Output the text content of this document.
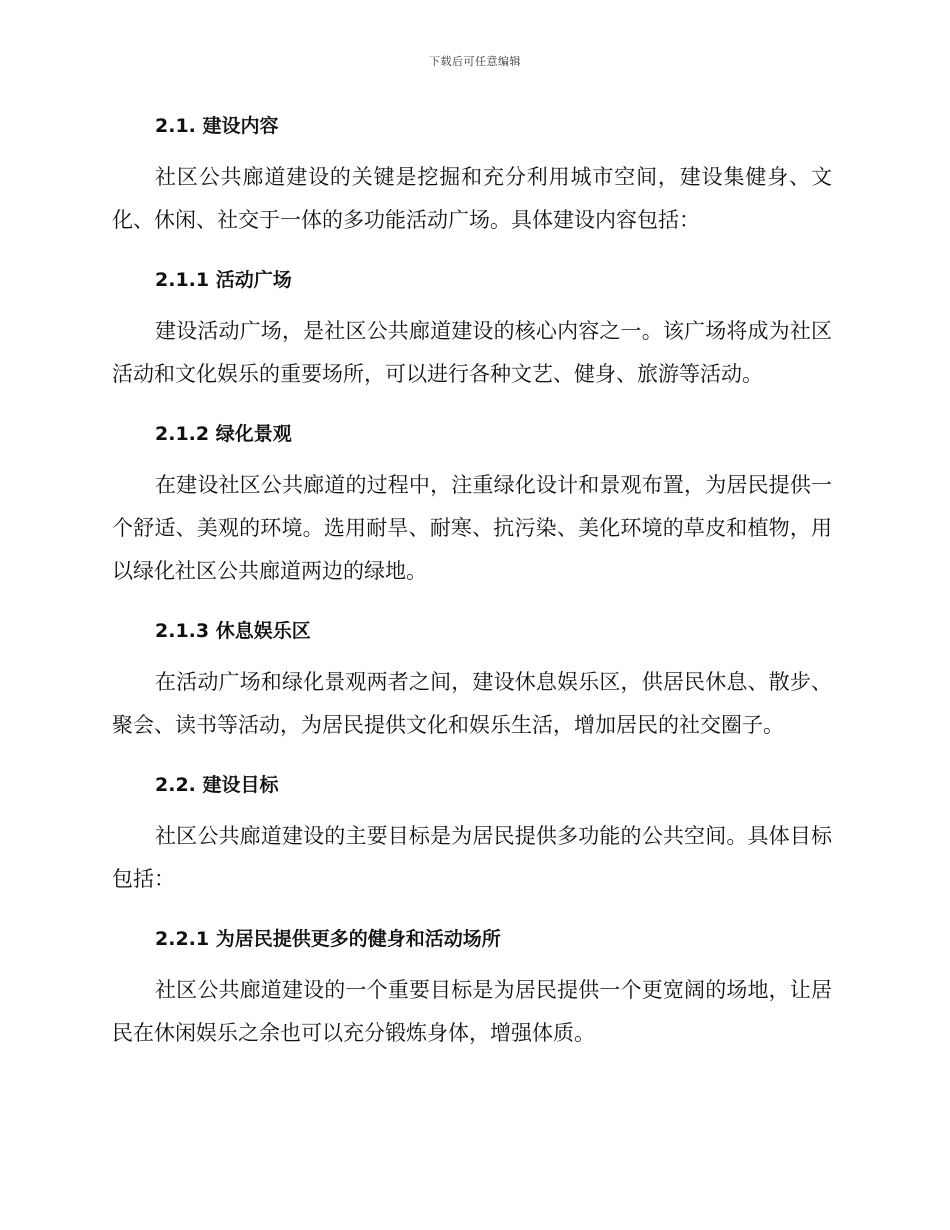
下载后可任意编辑
2.1. 建设内容

社区公共廊道建设的关键是挖掘和充分利用城市空间，建设集健身、文化、休闲、社交于一体的多功能活动广场。具体建设内容包括：

2.1.1 活动广场

建设活动广场，是社区公共廊道建设的核心内容之一。该广场将成为社区活动和文化娱乐的重要场所，可以进行各种文艺、健身、旅游等活动。

2.1.2 绿化景观

在建设社区公共廊道的过程中，注重绿化设计和景观布置，为居民提供一个舒适、美观的环境。选用耐旱、耐寒、抗污染、美化环境的草皮和植物，用以绿化社区公共廊道两边的绿地。

2.1.3 休息娱乐区

在活动广场和绿化景观两者之间，建设休息娱乐区，供居民休息、散步、聚会、读书等活动，为居民提供文化和娱乐生活，增加居民的社交圈子。

2.2. 建设目标

社区公共廊道建设的主要目标是为居民提供多功能的公共空间。具体目标包括：

2.2.1 为居民提供更多的健身和活动场所

社区公共廊道建设的一个重要目标是为居民提供一个更宽阔的场地，让居民在休闲娱乐之余也可以充分锻炼身体，增强体质。
